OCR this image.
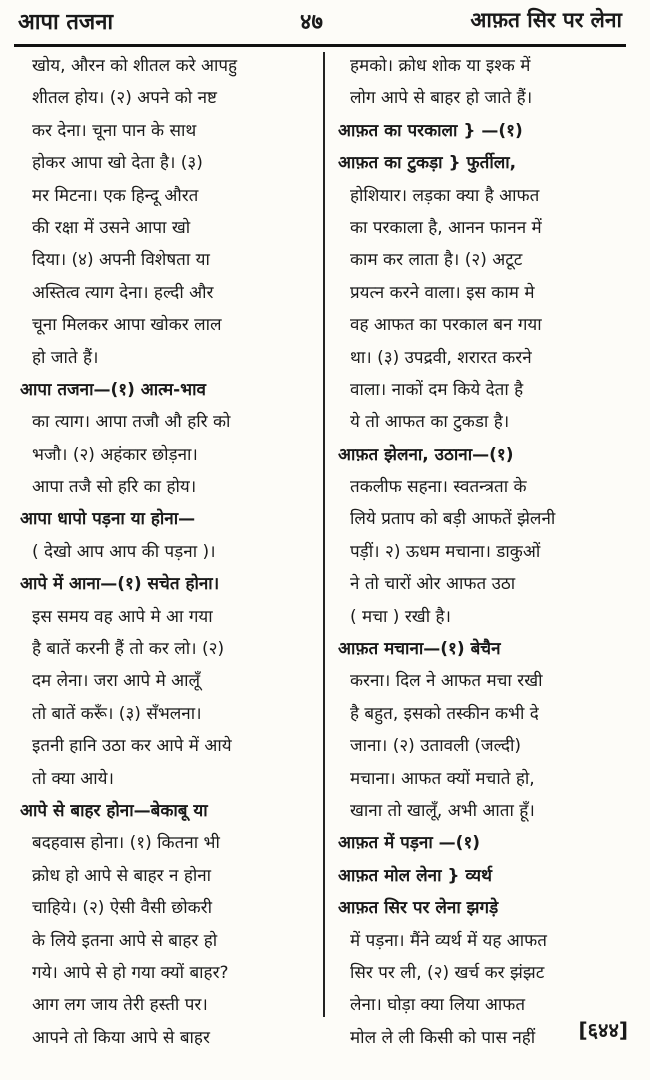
आपा तजना	४७	आफ़त सिर पर लेना
खोय, औरन को शीतल करे आपहु
शीतल होय। (२) अपने को नष्ट
कर देना। चूना पान के साथ
होकर आपा खो देता है। (३)
मर मिटना। एक हिन्दू औरत
की रक्षा में उसने आपा खो
दिया। (४) अपनी विशेषता या
अस्तित्व त्याग देना। हल्दी और
चूना मिलकर आपा खोकर लाल
हो जाते हैं।
आपा तजना—(१) आत्म-भाव
का त्याग। आपा तजौ औ हरि को
भजौ। (२) अहंकार छोड़ना।
आपा तजै सो हरि का होय।
आपा धापो पड़ना या होना—
( देखो आप आप की पड़ना )।
आपे में आना—(१) सचेत होना।
इस समय वह आपे मे आ गया
है बातें करनी हैं तो कर लो। (२)
दम लेना। जरा आपे मे आलूँ
तो बातें करूँ। (३) सँभलना।
इतनी हानि उठा कर आपे में आये
तो क्या आये।
आपे से बाहर होना—बेकाबू या
बदहवास होना। (१) कितना भी
क्रोध हो आपे से बाहर न होना
चाहिये। (२) ऐसी वैसी छोकरी
के लिये इतना आपे से बाहर हो
गये। आपे से हो गया क्यों बाहर?
आग लग जाय तेरी हस्ती पर।
आपने तो किया आपे से बाहर
हमको। क्रोध शोक या इश्क में
लोग आपे से बाहर हो जाते हैं।
आफ़त का परकाला } —(१)
आफ़त का टुकड़ा } फुर्तीला,
होशियार। लड़का क्या है आफत
का परकाला है, आनन फानन में
काम कर लाता है। (२) अटूट
प्रयत्न करने वाला। इस काम मे
वह आफत का परकाल बन गया
था। (३) उपद्रवी, शरारत करने
वाला। नाकों दम किये देता है
ये तो आफत का टुकडा है।
आफ़त झेलना, उठाना—(१)
तकलीफ सहना। स्वतन्त्रता के
लिये प्रताप को बड़ी आफतें झेलनी
पड़ीं। २) ऊधम मचाना। डाकुओं
ने तो चारों ओर आफत उठा
( मचा ) रखी है।
आफ़त मचाना—(१) बेचैन
करना। दिल ने आफत मचा रखी
है बहुत, इसको तस्कीन कभी दे
जाना। (२) उतावली (जल्दी)
मचाना। आफत क्यों मचाते हो,
खाना तो खालूँ, अभी आता हूँ।
आफ़त में पड़ना —(१)
आफ़त मोल लेना } व्यर्थ
आफ़त सिर पर लेना झगड़े
में पड़ना। मैंने व्यर्थ में यह आफत
सिर पर ली, (२) खर्च कर झंझट
लेना। घोड़ा क्या लिया आफत
मोल ले ली किसी को पास नहीं	[६४४]
